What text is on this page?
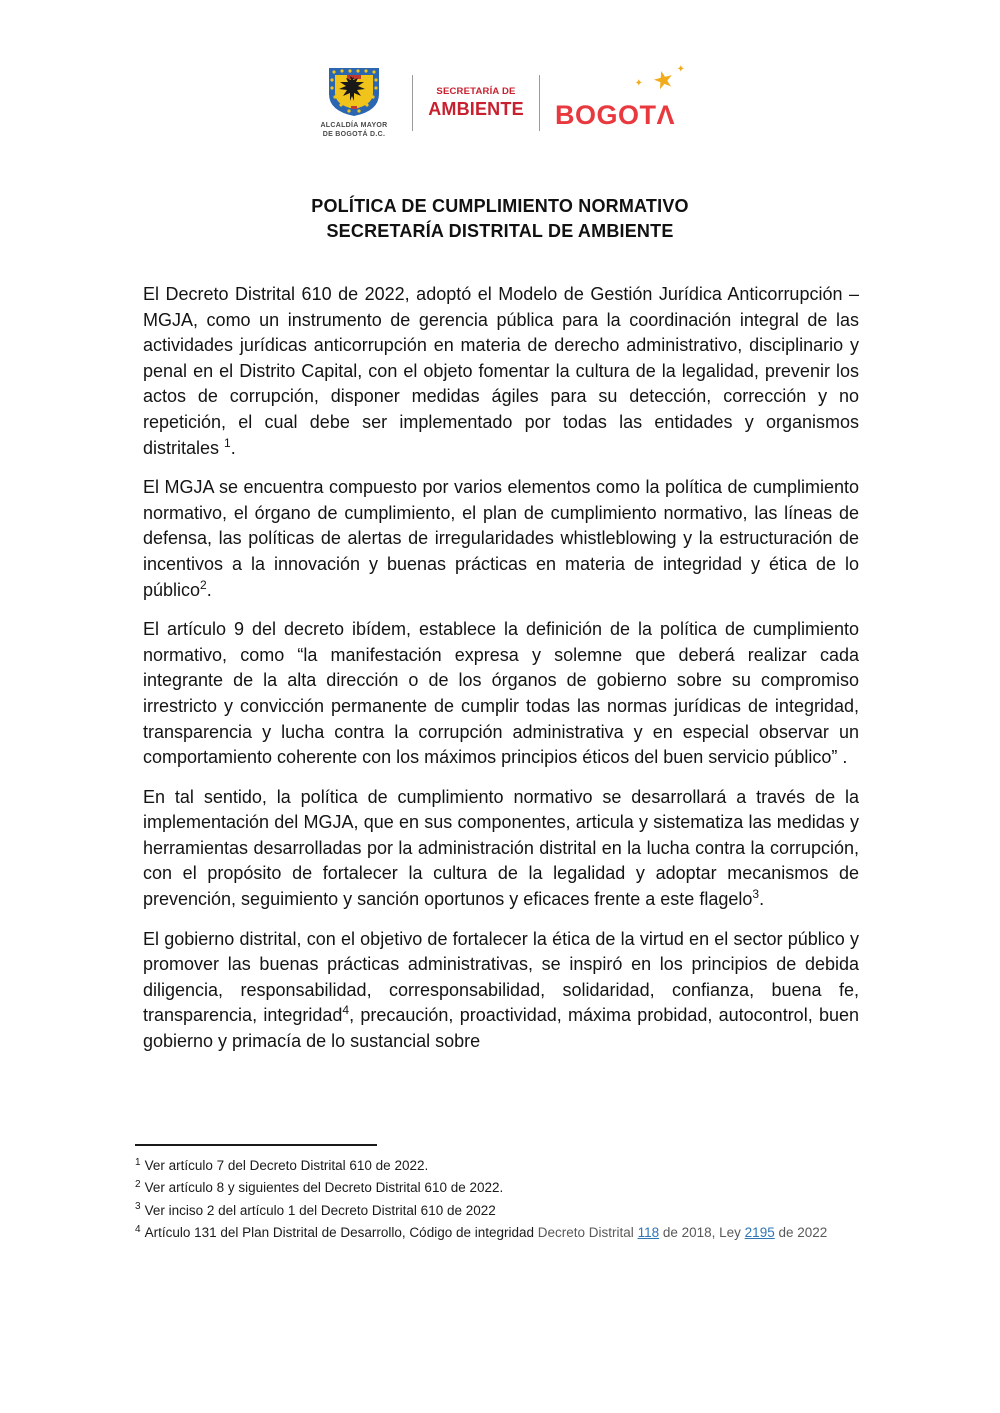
ALCALDÍA MAYOR
DE BOGOTÁ D.C.
SECRETARÍA DE
AMBIENTE
✦ ★
✦
BOGOTΛ
POLÍTICA DE CUMPLIMIENTO NORMATIVO
SECRETARÍA DISTRITAL DE AMBIENTE

El Decreto Distrital 610 de 2022, adoptó el Modelo de Gestión Jurídica Anticorrupción – MGJA, como un instrumento de gerencia pública para la coordinación integral de las actividades jurídicas anticorrupción en materia de derecho administrativo, disciplinario y penal en el Distrito Capital, con el objeto fomentar la cultura de la legalidad, prevenir los actos de corrupción, disponer medidas ágiles para su detección, corrección y no repetición, el cual debe ser implementado por todas las entidades y organismos distritales $^1$.

El MGJA se encuentra compuesto por varios elementos como la política de cumplimiento normativo, el órgano de cumplimiento, el plan de cumplimiento normativo, las líneas de defensa, las políticas de alertas de irregularidades whistleblowing y la estructuración de incentivos a la innovación y buenas prácticas en materia de integridad y ética de lo público$^2$.

El artículo 9 del decreto ibídem, establece la definición de la política de cumplimiento normativo, como “la manifestación expresa y solemne que deberá realizar cada integrante de la alta dirección o de los órganos de gobierno sobre su compromiso irrestricto y convicción permanente de cumplir todas las normas jurídicas de integridad, transparencia y lucha contra la corrupción administrativa y en especial observar un comportamiento coherente con los máximos principios éticos del buen servicio público” .

En tal sentido, la política de cumplimiento normativo se desarrollará a través de la implementación del MGJA, que en sus componentes, articula y sistematiza las medidas y herramientas desarrolladas por la administración distrital en la lucha contra la corrupción, con el propósito de fortalecer la cultura de la legalidad y adoptar mecanismos de prevención, seguimiento y sanción oportunos y eficaces frente a este flagelo$^3$.

El gobierno distrital, con el objetivo de fortalecer la ética de la virtud en el sector público y promover las buenas prácticas administrativas, se inspiró en los principios de debida diligencia, responsabilidad, corresponsabilidad, solidaridad, confianza, buena fe, transparencia, integridad$^4$, precaución, proactividad, máxima probidad, autocontrol, buen gobierno y primacía de lo sustancial sobre

$^1$ Ver artículo 7 del Decreto Distrital 610 de 2022.
$^2$ Ver artículo 8 y siguientes del Decreto Distrital 610 de 2022.
$^3$ Ver inciso 2 del artículo 1 del Decreto Distrital 610 de 2022
$^4$ Artículo 131 del Plan Distrital de Desarrollo, Código de integridad Decreto Distrital 118 de 2018, Ley 2195 de 2022
